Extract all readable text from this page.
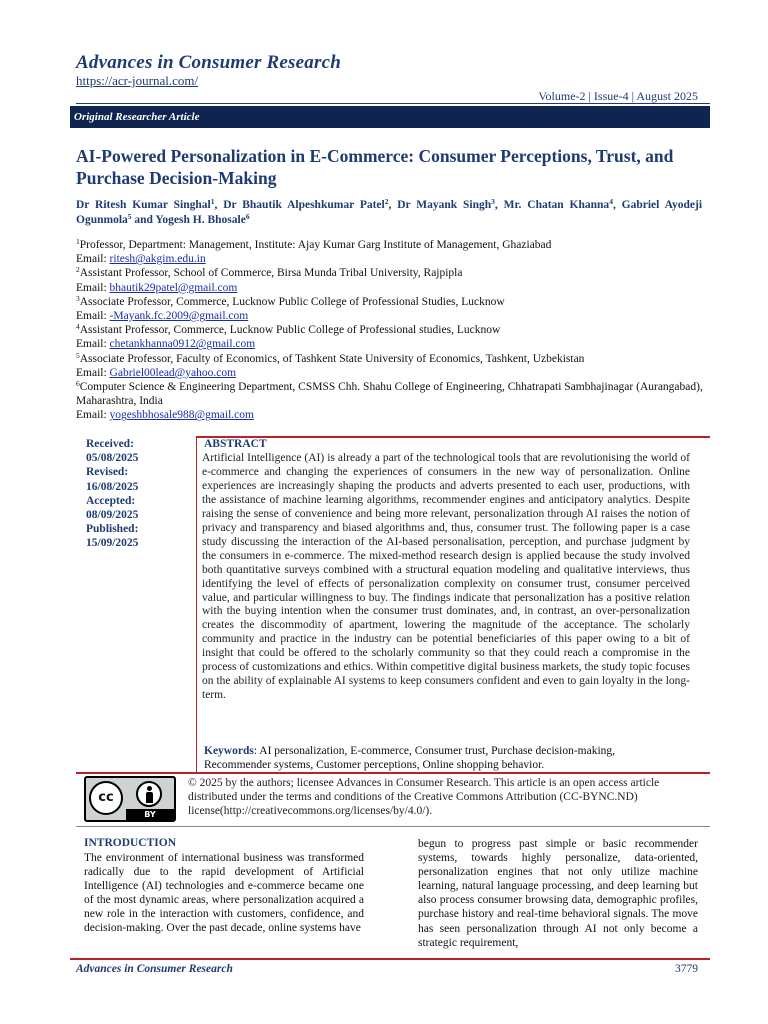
Advances in Consumer Research
https://acr-journal.com/
Volume-2 | Issue-4 | August 2025
Original Researcher Article
AI-Powered Personalization in E-Commerce: Consumer Perceptions, Trust, and Purchase Decision-Making
Dr Ritesh Kumar Singhal$^1$, Dr Bhautik Alpeshkumar Patel$^2$, Dr Mayank Singh$^3$, Mr. Chatan Khanna$^4$, Gabriel Ayodeji Ogunmola$^5$ and Yogesh H. Bhosale$^6$
$^1$Professor, Department: Management, Institute: Ajay Kumar Garg Institute of Management, Ghaziabad
Email: ritesh@akgim.edu.in
$^2$Assistant Professor, School of Commerce, Birsa Munda Tribal University, Rajpipla
Email: bhautik29patel@gmail.com
$^3$Associate Professor, Commerce, Lucknow Public College of Professional Studies, Lucknow
Email: -Mayank.fc.2009@gmail.com
$^4$Assistant Professor, Commerce, Lucknow Public College of Professional studies, Lucknow
Email: chetankhanna0912@gmail.com
$^5$Associate Professor, Faculty of Economics, of Tashkent State University of Economics, Tashkent, Uzbekistan
Email: Gabriel00lead@yahoo.com
$^6$Computer Science & Engineering Department, CSMSS Chh. Shahu College of Engineering, Chhatrapati Sambhajinagar (Aurangabad), Maharashtra, India
Email: yogeshbhosale988@gmail.com
Received:
05/08/2025
Revised:
16/08/2025
Accepted:
08/09/2025
Published:
15/09/2025
ABSTRACT
Artificial Intelligence (AI) is already a part of the technological tools that are revolutionising the world of e-commerce and changing the experiences of consumers in the new way of personalization. Online experiences are increasingly shaping the products and adverts presented to each user, productions, with the assistance of machine learning algorithms, recommender engines and anticipatory analytics. Despite raising the sense of convenience and being more relevant, personalization through AI raises the notion of privacy and transparency and biased algorithms and, thus, consumer trust. The following paper is a case study discussing the interaction of the AI-based personalisation, perception, and purchase judgment by the consumers in e-commerce. The mixed-method research design is applied because the study involved both quantitative surveys combined with a structural equation modeling and qualitative interviews, thus identifying the level of effects of personalization complexity on consumer trust, consumer perceived value, and particular willingness to buy. The findings indicate that personalization has a positive relation with the buying intention when the consumer trust dominates, and, in contrast, an over-personalization creates the discommodity of apartment, lowering the magnitude of the acceptance. The scholarly community and practice in the industry can be potential beneficiaries of this paper owing to a bit of insight that could be offered to the scholarly community so that they could reach a compromise in the process of customizations and ethics. Within competitive digital business markets, the study topic focuses on the ability of explainable AI systems to keep consumers confident and even to gain loyalty in the long-term.
Keywords: AI personalization, E-commerce, Consumer trust, Purchase decision-making, Recommender systems, Customer perceptions, Online shopping behavior.
cc
BY
© 2025 by the authors; licensee Advances in Consumer Research. This article is an open access article distributed under the terms and conditions of the Creative Commons Attribution (CC-BYNC.ND) license(http://creativecommons.org/licenses/by/4.0/).
INTRODUCTION
The environment of international business was transformed radically due to the rapid development of Artificial Intelligence (AI) technologies and e-commerce became one of the most dynamic areas, where personalization acquired a new role in the interaction with customers, confidence, and decision-making. Over the past decade, online systems have
begun to progress past simple or basic recommender systems, towards highly personalize, data-oriented, personalization engines that not only utilize machine learning, natural language processing, and deep learning but also process consumer browsing data, demographic profiles, purchase history and real-time behavioral signals. The move has seen personalization through AI not only become a strategic requirement,
Advances in Consumer Research	3779
